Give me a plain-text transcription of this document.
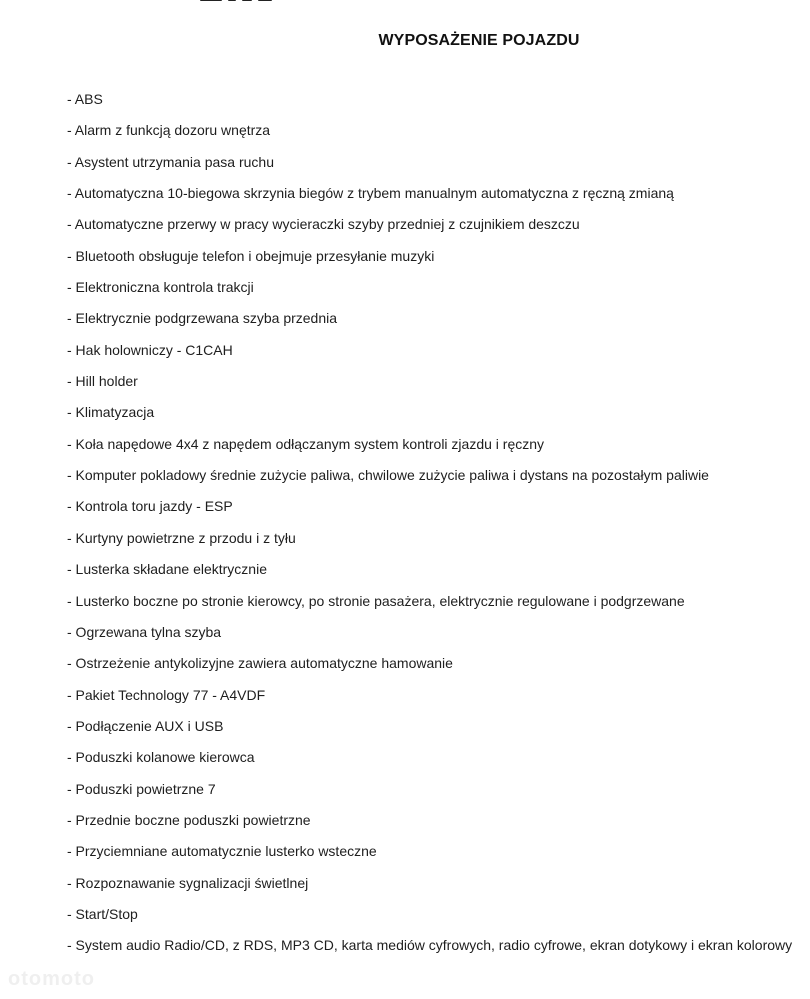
WYPOSAŻENIE POJAZDU
- ABS
- Alarm z funkcją dozoru wnętrza
- Asystent utrzymania pasa ruchu
- Automatyczna 10-biegowa skrzynia biegów z trybem manualnym automatyczna z ręczną zmianą
- Automatyczne przerwy w pracy wycieraczki szyby przedniej z czujnikiem deszczu
- Bluetooth obsługuje telefon i obejmuje przesyłanie muzyki
- Elektroniczna kontrola trakcji
- Elektrycznie podgrzewana szyba przednia
- Hak holowniczy - C1CAH
- Hill holder
- Klimatyzacja
- Koła napędowe 4x4 z napędem odłączanym system kontroli zjazdu i ręczny
- Komputer pokladowy średnie zużycie paliwa, chwilowe zużycie paliwa i dystans na pozostałym paliwie
- Kontrola toru jazdy - ESP
- Kurtyny powietrzne z przodu i z tyłu
- Lusterka składane elektrycznie
- Lusterko boczne po stronie kierowcy, po stronie pasażera, elektrycznie regulowane i podgrzewane
- Ogrzewana tylna szyba
- Ostrzeżenie antykolizyjne zawiera automatyczne hamowanie
- Pakiet Technology 77 - A4VDF
- Podłączenie AUX i USB
- Poduszki kolanowe kierowca
- Poduszki powietrzne 7
- Przednie boczne poduszki powietrzne
- Przyciemniane automatycznie lusterko wsteczne
- Rozpoznawanie sygnalizacji świetlnej
- Start/Stop
- System audio Radio/CD, z RDS, MP3 CD, karta mediów cyfrowych, radio cyfrowe, ekran dotykowy i ekran kolorowy
otomoto
